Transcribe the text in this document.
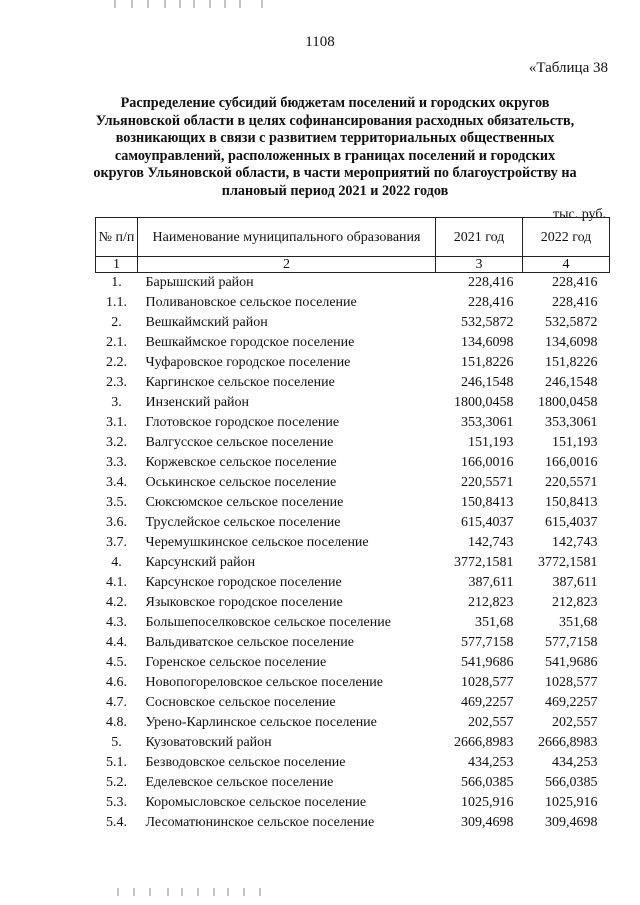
1108
«Таблица 38
Распределение субсидий бюджетам поселений и городских округов Ульяновской области в целях софинансирования расходных обязательств, возникающих в связи с развитием территориальных общественных самоуправлений, расположенных в границах поселений и городских округов Ульяновской области, в части мероприятий по благоустройству на плановый период 2021 и 2022 годов
тыс. руб.
№ п/п	Наименование муниципального образования	2021 год	2022 год
1	2	3	4
1.	Барышский район	228,416	228,416
1.1.	Поливановское сельское поселение	228,416	228,416
2.	Вешкаймский район	532,5872	532,5872
2.1.	Вешкаймское городское поселение	134,6098	134,6098
2.2.	Чуфаровское городское поселение	151,8226	151,8226
2.3.	Каргинское сельское поселение	246,1548	246,1548
3.	Инзенский район	1800,0458	1800,0458
3.1.	Глотовское городское поселение	353,3061	353,3061
3.2.	Валгусское сельское поселение	151,193	151,193
3.3.	Коржевское сельское поселение	166,0016	166,0016
3.4.	Оськинское сельское поселение	220,5571	220,5571
3.5.	Сюксюмское сельское поселение	150,8413	150,8413
3.6.	Труслейское сельское поселение	615,4037	615,4037
3.7.	Черемушкинское сельское поселение	142,743	142,743
4.	Карсунский район	3772,1581	3772,1581
4.1.	Карсунское городское поселение	387,611	387,611
4.2.	Языковское городское поселение	212,823	212,823
4.3.	Большепоселковское сельское поселение	351,68	351,68
4.4.	Вальдиватское сельское поселение	577,7158	577,7158
4.5.	Горенское сельское поселение	541,9686	541,9686
4.6.	Новопогореловское сельское поселение	1028,577	1028,577
4.7.	Сосновское сельское поселение	469,2257	469,2257
4.8.	Урено-Карлинское сельское поселение	202,557	202,557
5.	Кузоватовский район	2666,8983	2666,8983
5.1.	Безводовское сельское поселение	434,253	434,253
5.2.	Еделевское сельское поселение	566,0385	566,0385
5.3.	Коромысловское сельское поселение	1025,916	1025,916
5.4.	Лесоматюнинское сельское поселение	309,4698	309,4698
